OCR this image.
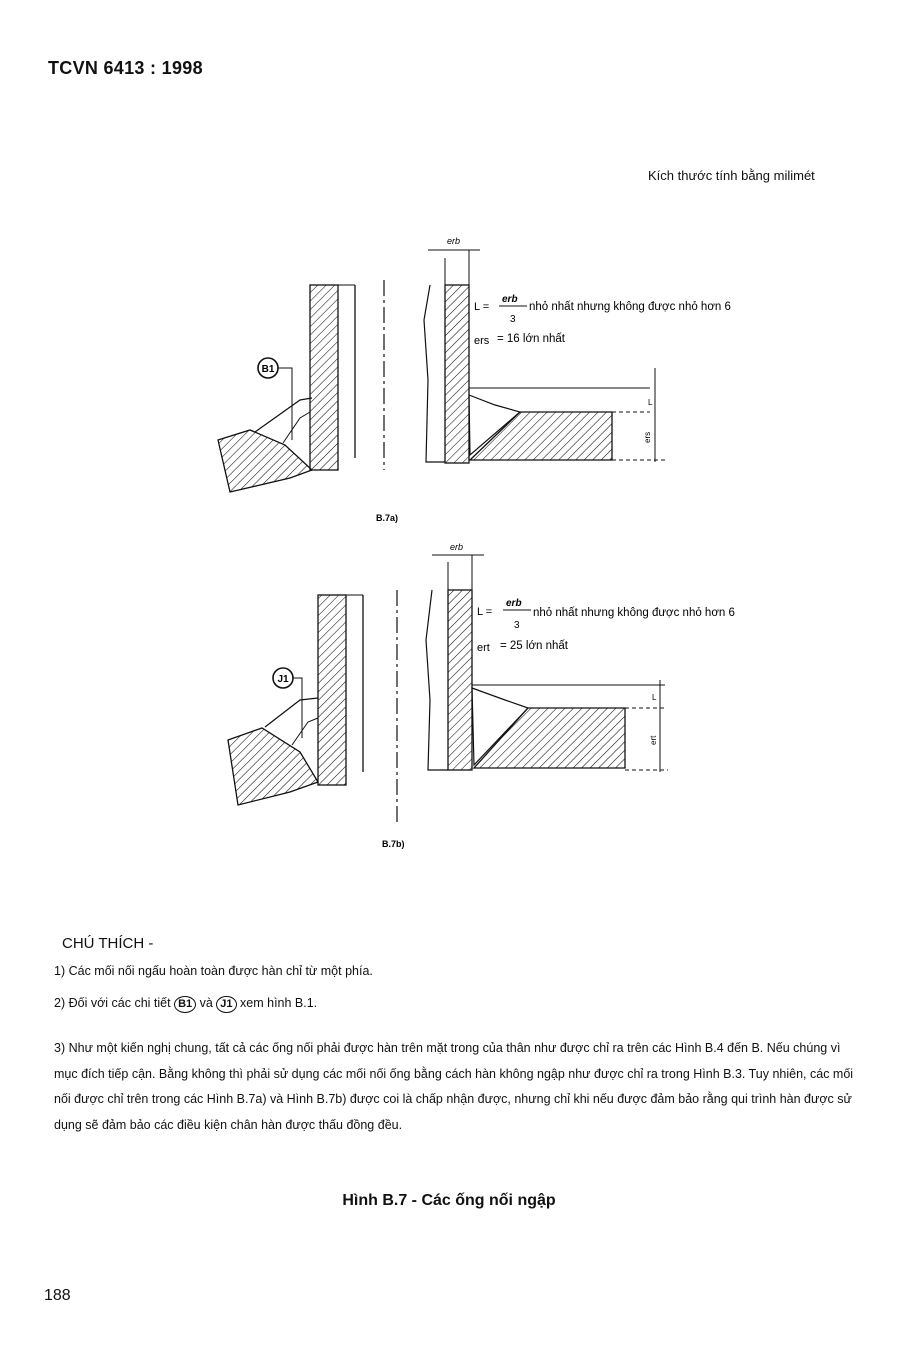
TCVN 6413 : 1998
Kích thước tính bằng milimét
B1
erb
L
ers
L =
erb
3
nhỏ nhất nhưng không được nhỏ hơn 6
ers = 16 lớn nhất
B.7a)
J1
erb
L
ert
L =
erb
3
nhỏ nhất nhưng không được nhỏ hơn 6
ert = 25 lớn nhất
B.7b)
CHÚ THÍCH -
1) Các mối nối ngấu hoàn toàn được hàn chỉ từ một phía.
2) Đối với các chi tiết B1 và J1 xem hình B.1.
3) Như một kiến nghị chung, tất cả các ống nối phải được hàn trên mặt trong của thân như được chỉ ra trên các Hình B.4 đến B. Nếu chúng vì mục đích tiếp cận. Bằng không thì phải sử dụng các mối nối ống bằng cách hàn không ngập như được chỉ ra trong Hình B.3. Tuy nhiên, các mối nối được chỉ trên trong các Hình B.7a) và Hình B.7b) được coi là chấp nhận được, nhưng chỉ khi nếu được đảm bảo rằng qui trình hàn được sử dụng sẽ đảm bảo các điều kiện chân hàn được thấu đồng đều.
Hình B.7 - Các ống nối ngập
188
